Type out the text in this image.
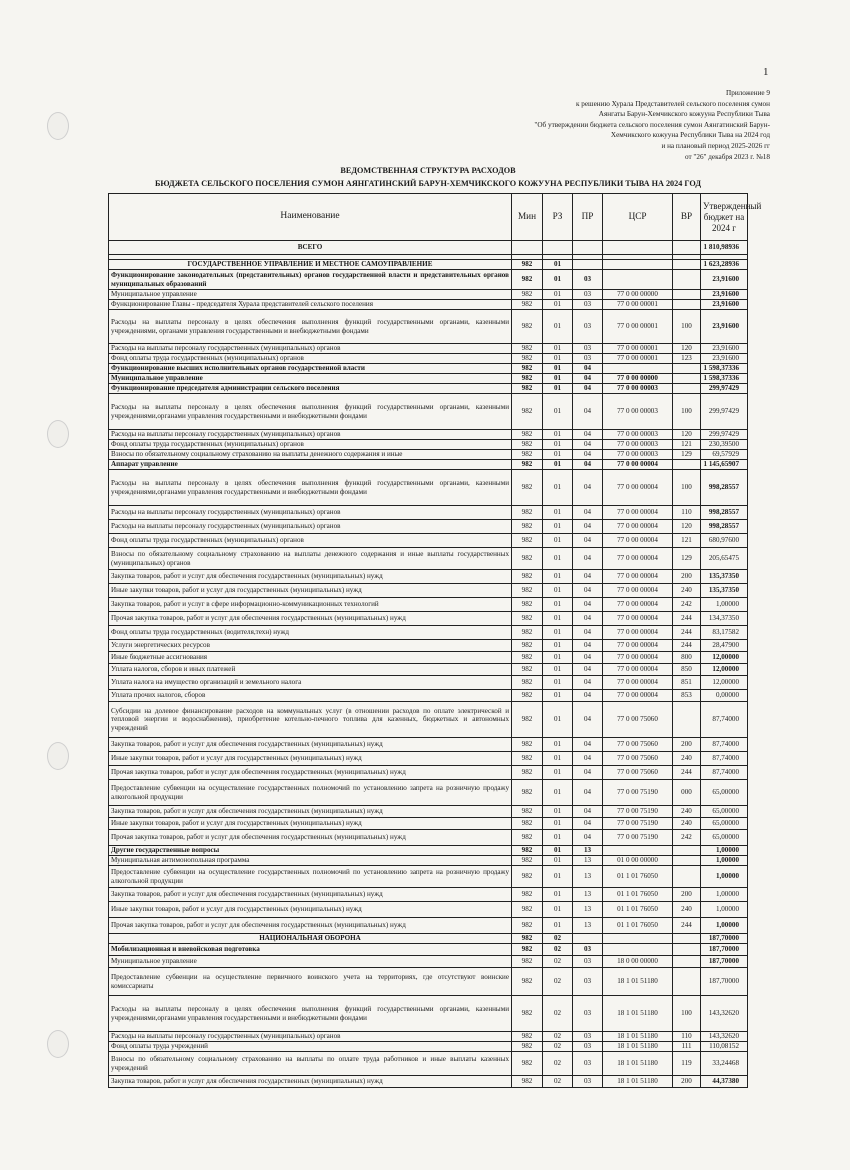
1
Приложение 9
к решению Хурала Представителей сельского поселения сумон
Аянгаты Барун-Хемчикского кожууна Республики Тыва
"Об утверждении бюджета сельского поселения сумон Аянгатинский Барун-
Хемчикского кожууна Республики Тыва на 2024 год
и на плановый период 2025-2026 гг
от "26" декабря 2023 г. №18
ВЕДОМСТВЕННАЯ СТРУКТУРА РАСХОДОВ
БЮДЖЕТА СЕЛЬСКОГО ПОСЕЛЕНИЯ СУМОН АЯНГАТИНСКИЙ БАРУН-ХЕМЧИКСКОГО КОЖУУНА РЕСПУБЛИКИ ТЫВА НА 2024 ГОД
Наименование	Мин	РЗ	ПР	ЦСР	ВР	Утвержденный бюджет на 2024 г
ВСЕГО						1 810,98936

ГОСУДАРСТВЕННОЕ УПРАВЛЕНИЕ И МЕСТНОЕ САМОУПРАВЛЕНИЕ	982	01				1 623,28936
Функционирование законодательных (представительных) органов государственной власти и представительных органов муниципальных образований	982	01	03			23,91600
Муниципальное управление	982	01	03	77 0 00 00000		23,91600
Функционирование Главы - председателя Хурала представителей сельского поселения	982	01	03	77 0 00 00001		23,91600
Расходы на выплаты персоналу в целях обеспечения выполнения функций государственными органами, казенными учреждениями, органами управления государственными и внебюджетными фондами	982	01	03	77 0 00 00001	100	23,91600
Расходы на выплаты персоналу государственных (муниципальных) органов	982	01	03	77 0 00 00001	120	23,91600
Фонд оплаты труда государственных (муниципальных) органов	982	01	03	77 0 00 00001	123	23,91600
Функционирование высших исполнительных органов государственной власти	982	01	04			1 598,37336
Муниципальное управление	982	01	04	77 0 00 00000		1 598,37336
Функционирование председателя администрации сельского поселения	982	01	04	77 0 00 00003		299,97429
Расходы на выплаты персоналу в целях обеспечения выполнения функций государственными органами, казенными учреждениями,органами управления государственными и внебюджетными фондами	982	01	04	77 0 00 00003	100	299,97429
Расходы на выплаты персоналу государственных (муниципальных) органов	982	01	04	77 0 00 00003	120	299,97429
Фонд оплаты труда государственных (муниципальных) органов	982	01	04	77 0 00 00003	121	230,39500
Взносы по обязательному социальному страхованию на выплаты денежного содержания и иные	982	01	04	77 0 00 00003	129	69,57929
Аппарат управление	982	01	04	77 0 00 00004		1 145,65907
Расходы на выплаты персоналу в целях обеспечения выполнения функций государственными органами, казенными учреждениями,органами управления государственными и внебюджетными фондами	982	01	04	77 0 00 00004	100	998,28557
Расходы на выплаты персоналу государственных (муниципальных) органов	982	01	04	77 0 00 00004	110	998,28557
Расходы на выплаты персоналу государственных (муниципальных) органов	982	01	04	77 0 00 00004	120	998,28557
Фонд оплаты труда государственных (муниципальных) органов	982	01	04	77 0 00 00004	121	680,97600
Взносы по обязательному социальному страхованию на выплаты денежного содержания и иные выплаты государственных (муниципальных) органов	982	01	04	77 0 00 00004	129	205,65475
Закупка товаров, работ и услуг для обеспечения государственных (муниципальных) нужд	982	01	04	77 0 00 00004	200	135,37350
Иные закупки товаров, работ и услуг для государственных (муниципальных) нужд	982	01	04	77 0 00 00004	240	135,37350
Закупка товаров, работ и услуг в сфере информационно-коммуникационных технологий	982	01	04	77 0 00 00004	242	1,00000
Прочая закупка товаров, работ и услуг для обеспечения государственных (муниципальных) нужд	982	01	04	77 0 00 00004	244	134,37350
Фонд оплаты труда государственных (водителя,техн) нужд	982	01	04	77 0 00 00004	244	83,17582
Услуги энергетических ресурсов	982	01	04	77 0 00 00004	244	28,47900
Иные бюджетные ассигнования	982	01	04	77 0 00 00004	800	12,00000
Уплата налогов, сборов и иных платежей	982	01	04	77 0 00 00004	850	12,00000
Уплата налога на имущество организаций и земельного налога	982	01	04	77 0 00 00004	851	12,00000
Уплата прочих налогов, сборов	982	01	04	77 0 00 00004	853	0,00000
Субсидии на долевое финансирование расходов на коммунальных услуг (в отношении расходов по оплате электрической и тепловой энергии и водоснабжения), приобретение котельно-печного топлива для казенных, бюджетных и автономных учреждений	982	01	04	77 0 00 75060		87,74000
Закупка товаров, работ и услуг для обеспечения государственных (муниципальных) нужд	982	01	04	77 0 00 75060	200	87,74000
Иные закупки товаров, работ и услуг для государственных (муниципальных) нужд	982	01	04	77 0 00 75060	240	87,74000
Прочая закупка товаров, работ и услуг для обеспечения государственных (муниципальных) нужд	982	01	04	77 0 00 75060	244	87,74000
Предоставление субвенции на осуществление государственных полномочий по установлению запрета на розничную продажу алкогольной продукции	982	01	04	77 0 00 75190	000	65,00000
Закупка товаров, работ и услуг для обеспечения государственных (муниципальных) нужд	982	01	04	77 0 00 75190	240	65,00000
Иные закупки товаров, работ и услуг для государственных (муниципальных) нужд	982	01	04	77 0 00 75190	240	65,00000
Прочая закупка товаров, работ и услуг для обеспечения государственных (муниципальных) нужд	982	01	04	77 0 00 75190	242	65,00000
Другие государственные вопросы	982	01	13			1,00000
Муниципальная антимонопольная программа	982	01	13	01 0 00 00000		1,00000
Предоставление субвенции на осуществление государственных полномочий по установлению запрета на розничную продажу алкогольной продукции	982	01	13	01 1 01 76050		1,00000
Закупка товаров, работ и услуг для обеспечения государственных (муниципальных) нужд	982	01	13	01 1 01 76050	200	1,00000
Иные закупки товаров, работ и услуг для государственных (муниципальных) нужд	982	01	13	01 1 01 76050	240	1,00000
Прочая закупка товаров, работ и услуг для обеспечения государственных (муниципальных) нужд	982	01	13	01 1 01 76050	244	1,00000
НАЦИОНАЛЬНАЯ ОБОРОНА	982	02				187,70000
Мобилизационная и вневойсковая подготовка	982	02	03			187,70000
Муниципальное управление	982	02	03	18 0 00 00000		187,70000
Предоставление субвенции на осуществление первичного воинского учета на территориях, где отсутствуют воинские комиссариаты	982	02	03	18 1 01 51180		187,70000
Расходы на выплаты персоналу в целях обеспечения выполнения функций государственными органами, казенными учреждениями,органами управления государственными и внебюджетными фондами	982	02	03	18 1 01 51180	100	143,32620
Расходы на выплаты персоналу государственных (муниципальных) органов	982	02	03	18 1 01 51180	110	143,32620
Фонд оплаты труда учреждений	982	02	03	18 1 01 51180	111	110,08152
Взносы по обязательному социальному страхованию на выплаты по оплате труда работников и иные выплаты казенных учреждений	982	02	03	18 1 01 51180	119	33,24468
Закупка товаров, работ и услуг для обеспечения государственных (муниципальных) нужд	982	02	03	18 1 01 51180	200	44,37380
